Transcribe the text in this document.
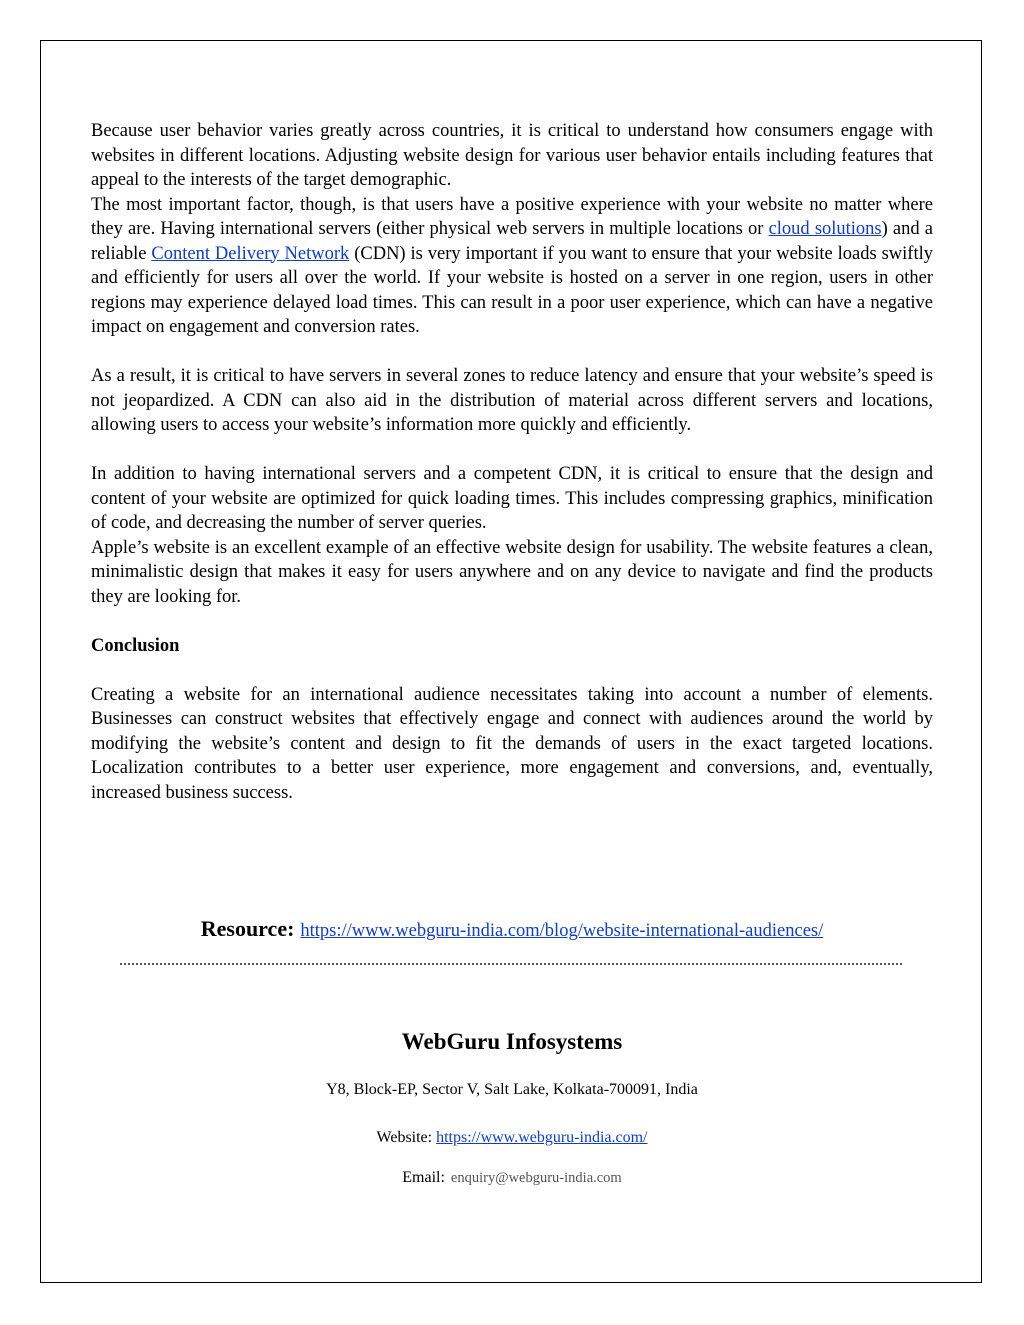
Because user behavior varies greatly across countries, it is critical to understand how consumers engage with websites in different locations. Adjusting website design for various user behavior entails including features that appeal to the interests of the target demographic.

The most important factor, though, is that users have a positive experience with your website no matter where they are. Having international servers (either physical web servers in multiple locations or cloud solutions) and a reliable Content Delivery Network (CDN) is very important if you want to ensure that your website loads swiftly and efficiently for users all over the world. If your website is hosted on a server in one region, users in other regions may experience delayed load times. This can result in a poor user experience, which can have a negative impact on engagement and conversion rates.

As a result, it is critical to have servers in several zones to reduce latency and ensure that your website’s speed is not jeopardized. A CDN can also aid in the distribution of material across different servers and locations, allowing users to access your website’s information more quickly and efficiently.

In addition to having international servers and a competent CDN, it is critical to ensure that the design and content of your website are optimized for quick loading times. This includes compressing graphics, minification of code, and decreasing the number of server queries.

Apple’s website is an excellent example of an effective website design for usability. The website features a clean, minimalistic design that makes it easy for users anywhere and on any device to navigate and find the products they are looking for.

Conclusion

Creating a website for an international audience necessitates taking into account a number of elements. Businesses can construct websites that effectively engage and connect with audiences around the world by modifying the website’s content and design to fit the demands of users in the exact targeted locations. Localization contributes to a better user experience, more engagement and conversions, and, eventually, increased business success.

Resource: https://www.webguru-india.com/blog/website-international-audiences/
WebGuru Infosystems
Y8, Block-EP, Sector V, Salt Lake, Kolkata-700091, India
Website: https://www.webguru-india.com/
Email: enquiry@webguru-india.com
